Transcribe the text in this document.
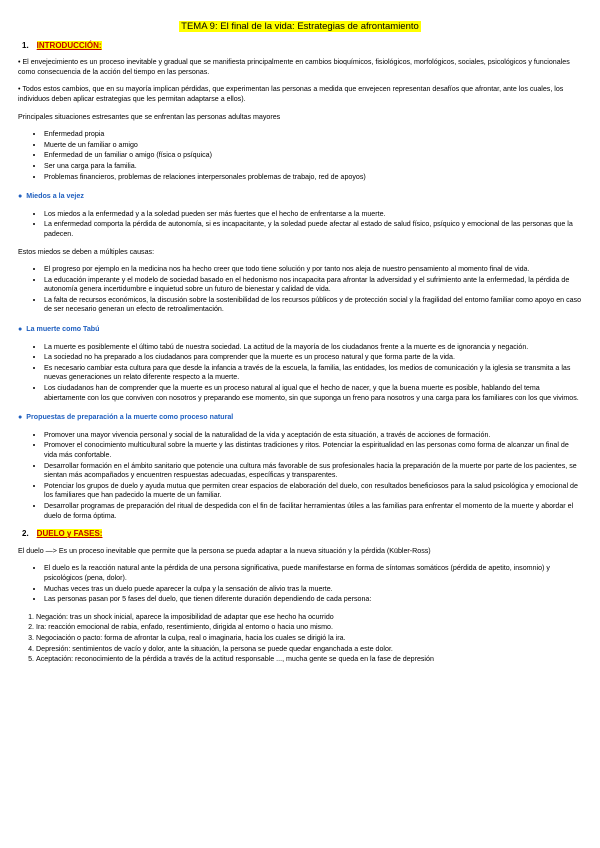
TEMA 9: El final de la vida: Estrategias de afrontamiento
1. INTRODUCCIÓN:

• El envejecimiento es un proceso inevitable y gradual que se manifiesta principalmente en cambios bioquímicos, fisiológicos, morfológicos, sociales, psicológicos y funcionales como consecuencia de la acción del tiempo en las personas.

• Todos estos cambios, que en su mayoría implican pérdidas, que experimentan las personas a medida que envejecen representan desafíos que afrontar, ante los cuales, los individuos deben aplicar estrategias que les permitan adaptarse a ellos).

Principales situaciones estresantes que se enfrentan las personas adultas mayores

• Enfermedad propia
• Muerte de un familiar o amigo
• Enfermedad de un familiar o amigo (física o psíquica)
• Ser una carga para la familia.
• Problemas financieros, problemas de relaciones interpersonales problemas de trabajo, red de apoyos)
● Miedos a la vejez
• Los miedos a la enfermedad y a la soledad pueden ser más fuertes que el hecho de enfrentarse a la muerte.
• La enfermedad comporta la pérdida de autonomía, si es incapacitante, y la soledad puede afectar al estado de salud físico, psíquico y emocional de las personas que la padecen.

Estos miedos se deben a múltiples causas:

• El progreso por ejemplo en la medicina nos ha hecho creer que todo tiene solución y por tanto nos aleja de nuestro pensamiento al momento final de vida.
• La educación imperante y el modelo de sociedad basado en el hedonismo nos incapacita para afrontar la adversidad y el sufrimiento ante la enfermedad, la pérdida de autonomía genera incertidumbre e inquietud sobre un futuro de bienestar y calidad de vida.
• La falta de recursos económicos, la discusión sobre la sostenibilidad de los recursos públicos y de protección social y la fragilidad del entorno familiar como apoyo en caso de ser necesario generan un efecto de retroalimentación.
● La muerte como Tabú
• La muerte es posiblemente el último tabú de nuestra sociedad. La actitud de la mayoría de los ciudadanos frente a la muerte es de ignorancia y negación.
• La sociedad no ha preparado a los ciudadanos para comprender que la muerte es un proceso natural y que forma parte de la vida.
• Es necesario cambiar esta cultura para que desde la infancia a través de la escuela, la familia, las entidades, los medios de comunicación y la iglesia se transmita a las nuevas generaciones un relato diferente respecto a la muerte.
• Los ciudadanos han de comprender que la muerte es un proceso natural al igual que el hecho de nacer, y que la buena muerte es posible, hablando del tema abiertamente con los que conviven con nosotros y preparando ese momento, sin que suponga un freno para nosotros y una carga para los familiares con los que vivimos.
● Propuestas de preparación a la muerte como proceso natural
• Promover una mayor vivencia personal y social de la naturalidad de la vida y aceptación de esta situación, a través de acciones de formación.
• Promover el conocimiento multicultural sobre la muerte y las distintas tradiciones y ritos. Potenciar la espiritualidad en las personas como forma de alcanzar un final de vida más confortable.
• Desarrollar formación en el ámbito sanitario que potencie una cultura más favorable de sus profesionales hacia la preparación de la muerte por parte de los pacientes, se sientan más acompañados y encuentren respuestas adecuadas, específicas y transparentes.
• Potenciar los grupos de duelo y ayuda mutua que permiten crear espacios de elaboración del duelo, con resultados beneficiosos para la salud psicológica y emocional de los familiares que han padecido la muerte de un familiar.
• Desarrollar programas de preparación del ritual de despedida con el fin de facilitar herramientas útiles a las familias para enfrentar el momento de la muerte y abordar el duelo de forma óptima.
2. DUELO y FASES:

El duelo —> Es un proceso inevitable que permite que la persona se pueda adaptar a la nueva situación y la pérdida (Kübler-Ross)

• El duelo es la reacción natural ante la pérdida de una persona significativa, puede manifestarse en forma de síntomas somáticos (pérdida de apetito, insomnio) y psicológicos (pena, dolor).
• Muchas veces tras un duelo puede aparecer la culpa y la sensación de alivio tras la muerte.
• Las personas pasan por 5 fases del duelo, que tienen diferente duración dependiendo de cada persona:
1. Negación: tras un shock inicial, aparece la imposibilidad de adaptar que ese hecho ha ocurrido
2. Ira: reacción emocional de rabia, enfado, resentimiento, dirigida al entorno o hacia uno mismo.
3. Negociación o pacto: forma de afrontar la culpa, real o imaginaria, hacia los cuales se dirigió la ira.
4. Depresión: sentimientos de vacío y dolor, ante la situación, la persona se puede quedar enganchada a este dolor.
5. Aceptación: reconocimiento de la pérdida a través de la actitud responsable ..., mucha gente se queda en la fase de depresión
